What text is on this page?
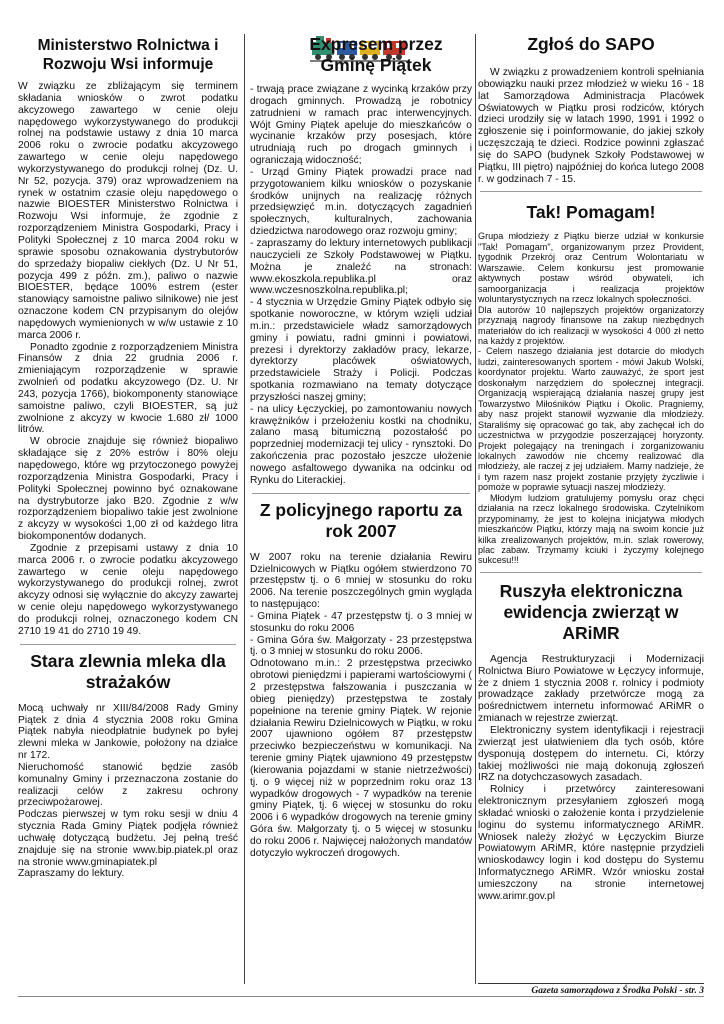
Ministerstwo Rolnictwa i Rozwoju Wsi informuje

W związku ze zbliżającym się terminem składania wniosków o zwrot podatku akcyzowego zawartego w cenie oleju napędowego wykorzystywanego do produkcji rolnej na podstawie ustawy z dnia 10 marca 2006 roku o zwrocie podatku akcyzowego zawartego w cenie oleju napędowego wykorzystywanego do produkcji rolnej (Dz. U. Nr 52, pozycja. 379) oraz wprowadzeniem na rynek w ostatnim czasie oleju napędowego o nazwie BIOESTER Ministerstwo Rolnictwa i Rozwoju Wsi informuje, że zgodnie z rozporządzeniem Ministra Gospodarki, Pracy i Polityki Społecznej z 10 marca 2004 roku w sprawie sposobu oznakowania dystrybutorów do sprzedaży biopaliw ciekłych (Dz. U Nr 51, pozycja 499 z późn. zm.), paliwo o nazwie BIOESTER, będące 100% estrem (ester stanowiący samoistne paliwo silnikowe) nie jest oznaczone kodem CN przypisanym do olejów napędowych wymienionych w w/w ustawie z 10 marca 2006 r.

Ponadto zgodnie z rozporządzeniem Ministra Finansów z dnia 22 grudnia 2006 r. zmieniającym rozporządzenie w sprawie zwolnień od podatku akcyzowego (Dz. U. Nr 243, pozycja 1766), biokomponenty stanowiące samoistne paliwo, czyli BIOESTER, są już zwolnione z akcyzy w kwocie 1.680 zł/ 1000 litrów.

W obrocie znajduje się również biopaliwo składające się z 20% estrów i 80% oleju napędowego, które wg przytoczonego powyżej rozporządzenia Ministra Gospodarki, Pracy i Polityki Społecznej powinno być oznakowane na dystrybutorze jako B20. Zgodnie z w/w rozporządzeniem biopaliwo takie jest zwolnione z akcyzy w wysokości 1,00 zł od każdego litra biokomponentów dodanych.

Zgodnie z przepisami ustawy z dnia 10 marca 2006 r. o zwrocie podatku akcyzowego zawartego w cenie oleju napędowego wykorzystywanego do produkcji rolnej, zwrot akcyzy odnosi się wyłącznie do akcyzy zawartej w cenie oleju napędowego wykorzystywanego do produkcji rolnej, oznaczonego kodem CN 2710 19 41 do 2710 19 49.

Stara zlewnia mleka dla strażaków

Mocą uchwały nr XIII/84/2008 Rady Gminy Piątek z dnia 4 stycznia 2008 roku Gmina Piątek nabyła nieodpłatnie budynek po byłej zlewni mleka w Jankowie, położony na działce nr 172.

Nieruchomość stanowić będzie zasób komunalny Gminy i przeznaczona zostanie do realizacji celów z zakresu ochrony przeciwpożarowej.

Podczas pierwszej w tym roku sesji w dniu 4 stycznia Rada Gminy Piątek podjęła również uchwałę dotyczącą budżetu. Jej pełną treść znajduje się na stronie www.bip.piatek.pl oraz na stronie www.gminapiatek.pl

Zapraszamy do lektury.

Expresem przez Gminę Piątek

- trwają prace związane z wycinką krzaków przy drogach gminnych. Prowadzą je robotnicy zatrudnieni w ramach prac interwencyjnych. Wójt Gminy Piątek apeluje do mieszkańców o wycinanie krzaków przy posesjach, które utrudniają ruch po drogach gminnych i ograniczają widoczność;

- Urząd Gminy Piątek prowadzi prace nad przygotowaniem kilku wniosków o pozyskanie środków unijnych na realizację różnych przedsięwzięć m.in. dotyczących zagadnień społecznych, kulturalnych, zachowania dziedzictwa narodowego oraz rozwoju gminy;

- zapraszamy do lektury internetowych publikacji nauczycieli ze Szkoły Podstawowej w Piątku. Można je znaleźć na stronach: www.ekoszkola.republika.pl oraz www.wczesnoszkolna.republika.pl;

- 4 stycznia w Urzędzie Gminy Piątek odbyło się spotkanie noworoczne, w którym wzięli udział m.in.: przedstawiciele władz samorządowych gminy i powiatu, radni gminni i powiatowi, prezesi i dyrektorzy zakładów pracy, lekarze, dyrektorzy placówek oświatowych, przedstawiciele Straży i Policji. Podczas spotkania rozmawiano na tematy dotyczące przyszłości naszej gminy;

- na ulicy Łęczyckiej, po zamontowaniu nowych krawężników i przełożeniu kostki na chodniku, zalano masą bitumiczną pozostałość po poprzedniej modernizacji tej ulicy - rynsztoki. Do zakończenia prac pozostało jeszcze ułożenie nowego asfaltowego dywanika na odcinku od Rynku do Literackiej.

Z policyjnego raportu za rok 2007

W 2007 roku na terenie działania Rewiru Dzielnicowych w Piątku ogółem stwierdzono 70 przestępstw tj. o 6 mniej w stosunku do roku 2006. Na terenie poszczególnych gmin wygląda to następująco:

- Gmina Piątek - 47 przestępstw tj. o 3 mniej w stosunku do roku 2006

- Gmina Góra św. Małgorzaty - 23 przestępstwa tj. o 3 mniej w stosunku do roku 2006.

Odnotowano m.in.: 2 przestępstwa przeciwko obrotowi pieniędzmi i papierami wartościowymi ( 2 przestępstwa fałszowania i puszczania w obieg pieniędzy) przestępstwa te zostały popełnione na terenie gminy Piątek. W rejonie działania Rewiru Dzielnicowych w Piątku, w roku 2007 ujawniono ogółem 87 przestępstw przeciwko bezpieczeństwu w komunikacji. Na terenie gminy Piątek ujawniono 49 przestępstw (kierowania pojazdami w stanie nietrzeźwości) tj. o 9 więcej niż w poprzednim roku oraz 13 wypadków drogowych - 7 wypadków na terenie gminy Piątek, tj. 6 więcej w stosunku do roku 2006 i 6 wypadków drogowych na terenie gminy Góra św. Małgorzaty tj. o 5 więcej w stosunku do roku 2006 r. Najwięcej nałożonych mandatów dotyczyło wykroczeń drogowych.

Zgłoś do SAPO

W związku z prowadzeniem kontroli spełniania obowiązku nauki przez młodzież w wieku 16 - 18 lat Samorządowa Administracja Placówek Oświatowych w Piątku prosi rodziców, których dzieci urodziły się w latach 1990, 1991 i 1992 o zgłoszenie się i poinformowanie, do jakiej szkoły uczęszczają te dzieci. Rodzice powinni zgłaszać się do SAPO (budynek Szkoły Podstawowej w Piątku, III piętro) najpóźniej do końca lutego 2008 r. w godzinach 7 - 15.

Tak! Pomagam!

Grupa młodzieży z Piątku bierze udział w konkursie "Tak! Pomagam", organizowanym przez Provident, tygodnik Przekrój oraz Centrum Wolontariatu w Warszawie. Celem konkursu jest promowanie aktywnych postaw wśród obywateli, ich samoorganizacja i realizacja projektów woluntarystycznych na rzecz lokalnych społeczności.

Dla autorów 10 najlepszych projektów organizatorzy przyznają nagrody finansowe na zakup niezbędnych materiałów do ich realizacji w wysokości 4 000 zł netto na każdy z projektów.

- Celem naszego działania jest dotarcie do młodych ludzi, zainteresowanych sportem - mówi Jakub Wolski, koordynator projektu. Warto zauważyć, że sport jest doskonałym narzędziem do społecznej integracji. Organizacją wspierającą działania naszej grupy jest Towarzystwo Miłośników Piątku i Okolic. Pragniemy, aby nasz projekt stanowił wyzwanie dla młodzieży. Staraliśmy się opracować go tak, aby zachęcał ich do uczestnictwa w przygodzie poszerzającej horyzonty. Projekt polegający na treningach i zorganizowaniu lokalnych zawodów nie chcemy realizować dla młodzieży, ale raczej z jej udziałem. Mamy nadzieje, że i tym razem nasz projekt zostanie przyjęty życzliwie i pomoże w poprawie sytuacji naszej młodzieży.

Młodym ludziom gratulujemy pomysłu oraz chęci działania na rzecz lokalnego środowiska. Czytelnikom przypominamy, że jest to kolejna inicjatywa młodych mieszkańców Piątku, którzy mają na swoim koncie już kilka zrealizowanych projektów, m.in. szlak rowerowy, plac zabaw. Trzymamy kciuki i życzymy kolejnego sukcesu!!!

Ruszyła elektroniczna ewidencja zwierząt w ARiMR

Agencja Restrukturyzacji i Modernizacji Rolnictwa Biuro Powiatowe w Łęczycy informuje, że z dniem 1 stycznia 2008 r. rolnicy i podmioty prowadzące zakłady przetwórcze mogą za pośrednictwem internetu informować ARiMR o zmianach w rejestrze zwierząt.

Elektroniczny system identyfikacji i rejestracji zwierząt jest ułatwieniem dla tych osób, które dysponują dostępem do internetu. Ci, którzy takiej możliwości nie mają dokonują zgłoszeń IRZ na dotychczasowych zasadach.

Rolnicy i przetwórcy zainteresowani elektronicznym przesyłaniem zgłoszeń mogą składać wnioski o założenie konta i przydzielenie loginu do systemu informatycznego ARiMR. Wniosek należy złożyć w Łęczyckim Biurze Powiatowym ARiMR, które następnie przydzieli wnioskodawcy login i kod dostępu do Systemu Informatycznego ARiMR. Wzór wniosku został umieszczony na stronie internetowej www.arimr.gov.pl

Gazeta samorządowa z Środka Polski - str. 3
